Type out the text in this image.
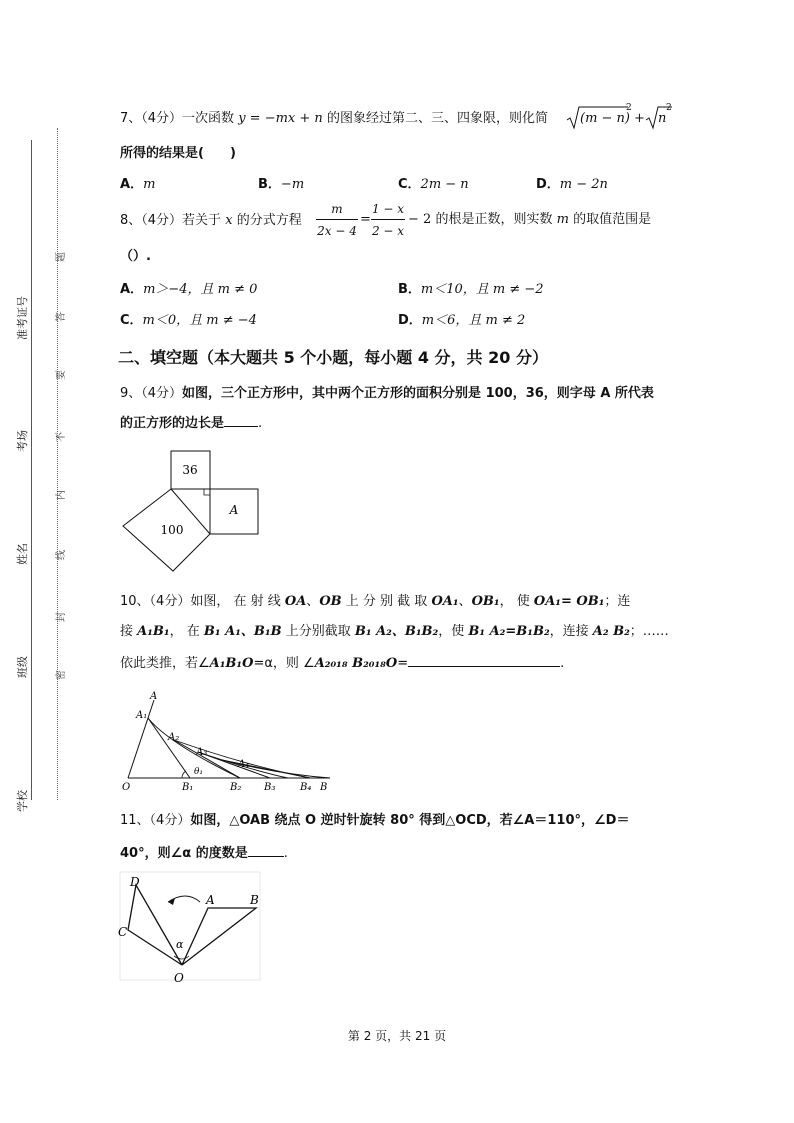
题
答
要
不
内
线
封
密
准考证号
考场
姓名
班级
学校
7、（4分）一次函数 y = −mx + n 的图象经过第二、三、四象限，则化简 (m − n)
2
+ n
2
所得的结果是(　　)
A．m	B．−m	C．2m − n	D．m − 2n
8、（4分）若关于 x 的分式方程
m
2x − 4
=
1 − x
2 − x
− 2 的根是正数，则实数 m 的取值范围是
（）.
A．m＞−4，且 m ≠ 0	B．m＜10，且 m ≠ −2
C．m＜0，且 m ≠ −4	D．m＜6，且 m ≠ 2
二、填空题（本大题共 5 个小题，每小题 4 分，共 20 分）
9、（4分）如图，三个正方形中，其中两个正方形的面积分别是 100，36，则字母 A 所代表
的正方形的边长是	.
36
100
A
10、（4分）如图， 在 射 线 OA、OB 上 分 别 截 取 OA₁、OB₁， 使 OA₁= OB₁；连
接 A₁B₁， 在 B₁ A₁、B₁B 上分别截取 B₁ A₂、B₁B₂，使 B₁ A₂=B₁B₂，连接 A₂ B₂；……
依此类推，若∠A₁B₁O=α，则 ∠A₂₀₁₈ B₂₀₁₈O=	.
A
A₁
A₂
A₃
A₄
θ₁
O	B₁	B₂ B₃ B₄ B
11、（4分）如图，△OAB 绕点 O 逆时针旋转 80° 得到△OCD，若∠A＝110°，∠D＝
40°，则∠α 的度数是	.
D
C
A	B
O
α
第 2 页，共 21 页
